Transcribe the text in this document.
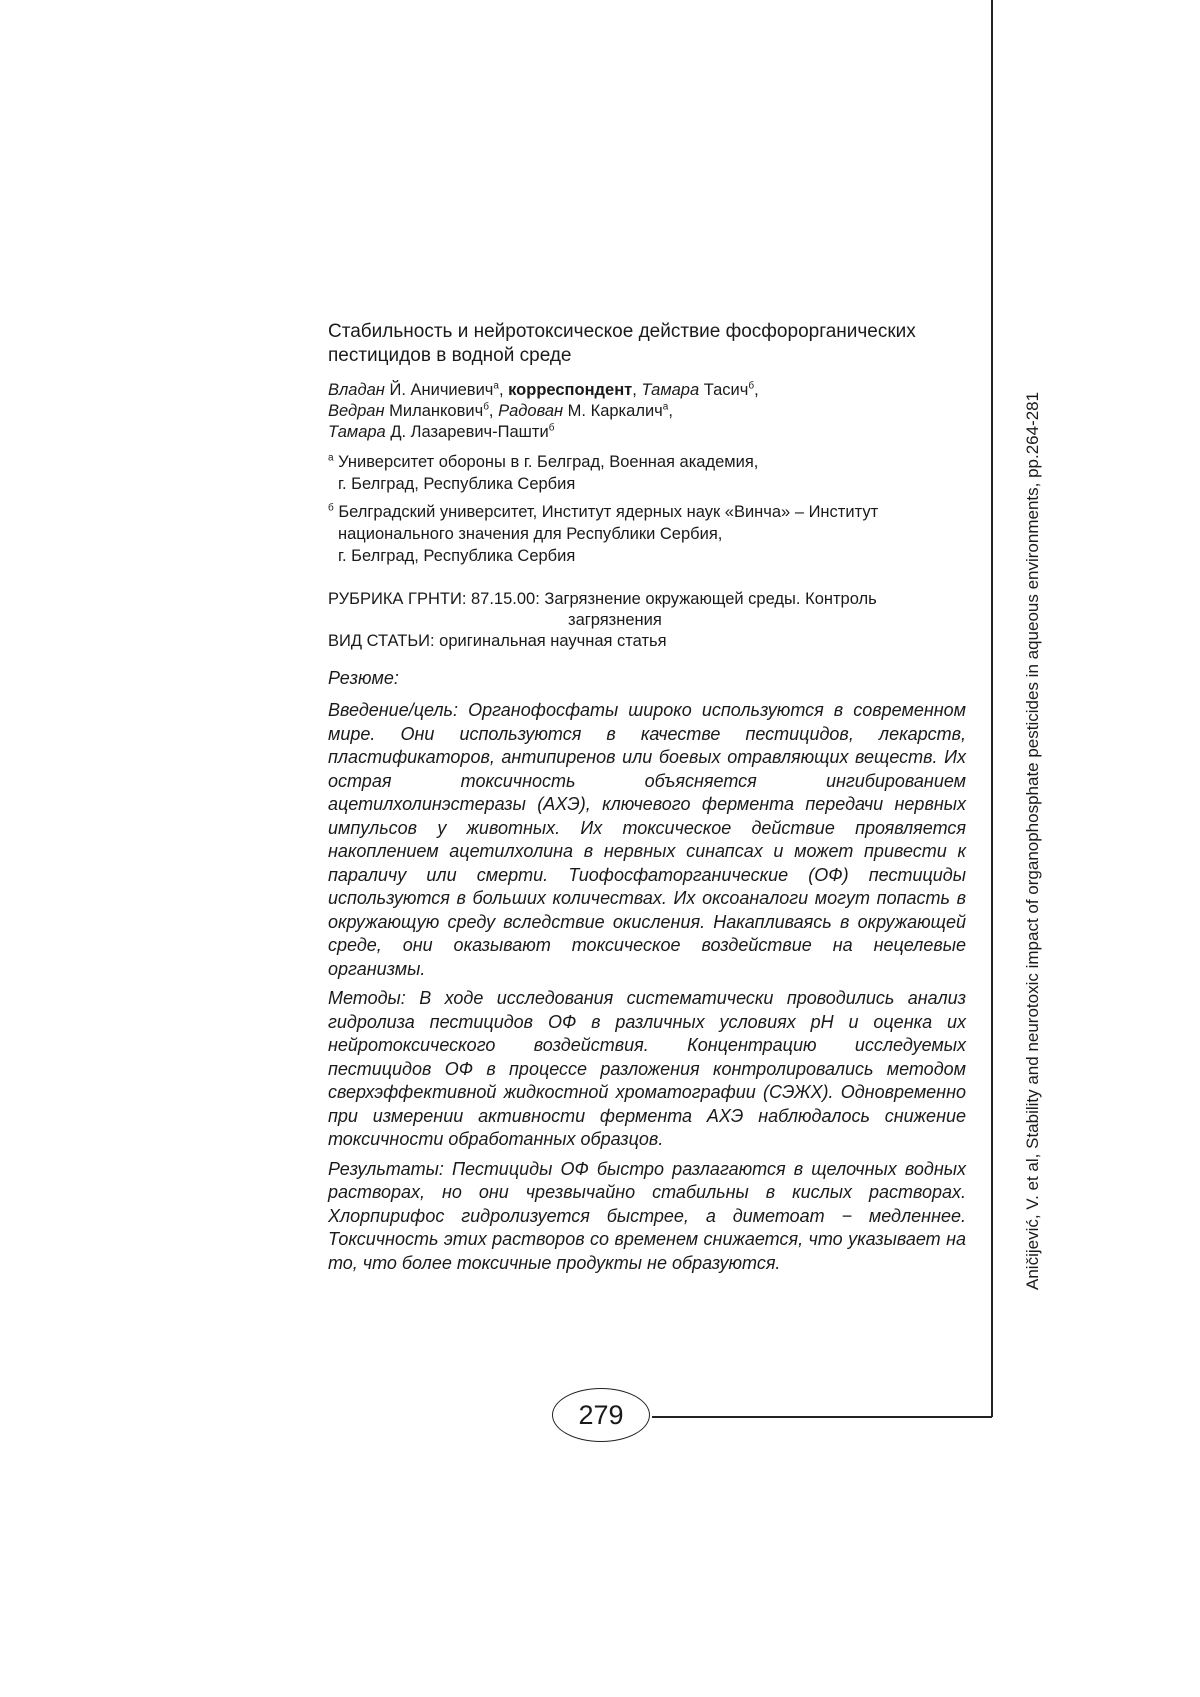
Стабильность и нейротоксическое действие фосфорорганических
пестицидов в водной среде
Владан Й. Аничиевич$^а$, корреспондент, Тамара Тасич$^б$,
Ведран Миланкович$^б$, Радован М. Каркалич$^а$,
Тамара Д. Лазаревич-Пашти$^б$
$^а$ Университет обороны в г. Белград, Военная академия,
г. Белград, Республика Сербия
$^б$ Белградский университет, Институт ядерных наук «Винча» – Институт
национального значения для Республики Сербия,
г. Белград, Республика Сербия
РУБРИКА ГРНТИ: 87.15.00: Загрязнение окружающей среды. Контроль
загрязнения
ВИД СТАТЬИ: оригинальная научная статья
Резюме:

Введение/цель: Органофосфаты широко используются в современном мире. Они используются в качестве пестицидов, лекарств, пластификаторов, антипиренов или боевых отравляющих веществ. Их острая токсичность объясняется ингибированием ацетилхолинэстеразы (АХЭ), ключевого фермента передачи нервных импульсов у животных. Их токсическое действие проявляется накоплением ацетилхолина в нервных синапсах и может привести к параличу или смерти. Тиофосфаторганические (ОФ) пестициды используются в больших количествах. Их оксоаналоги могут попасть в окружающую среду вследствие окисления. Накапливаясь в окружающей среде, они оказывают токсическое воздействие на нецелевые организмы.

Методы: В ходе исследования систематически проводились анализ гидролиза пестицидов ОФ в различных условиях pH и оценка их нейротоксического воздействия. Концентрацию исследуемых пестицидов ОФ в процессе разложения контролировались методом сверхэффективной жидкостной хроматографии (СЭЖХ). Одновременно при измерении активности фермента АХЭ наблюдалось снижение токсичности обработанных образцов.

Результаты: Пестициды ОФ быстро разлагаются в щелочных водных растворах, но они чрезвычайно стабильны в кислых растворах. Хлорпирифос гидролизуется быстрее, а диметоат − медленнее. Токсичность этих растворов со временем снижается, что указывает на то, что более токсичные продукты не образуются.

279
Aničijević, V. et al, Stability and neurotoxic impact of organophosphate pesticides in aqueous environments, pp.264-281
